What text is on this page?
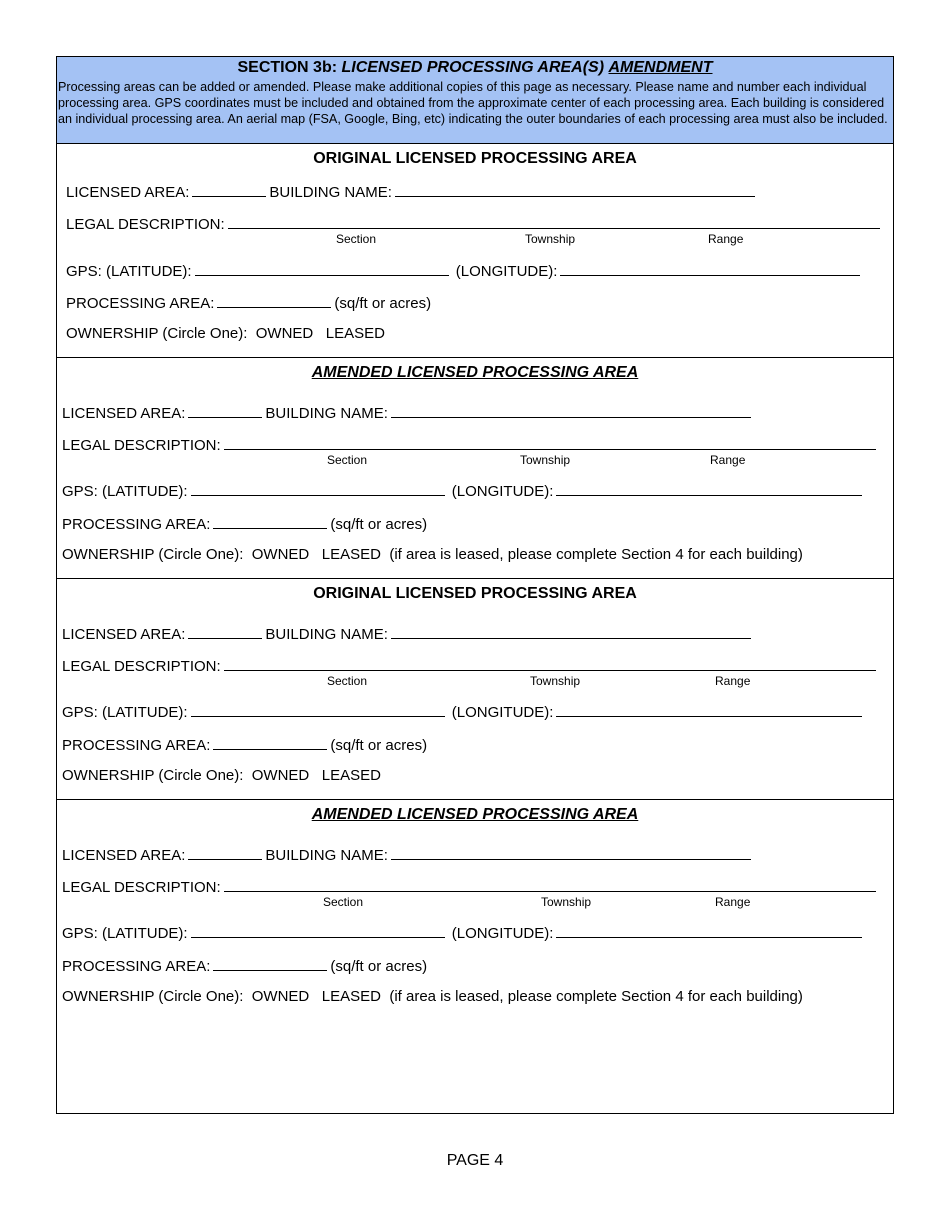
SECTION 3b: LICENSED PROCESSING AREA(S) AMENDMENT
Processing areas can be added or amended. Please make additional copies of this page as necessary. Please name and number each individual processing area. GPS coordinates must be included and obtained from the approximate center of each processing area. Each building is considered an individual processing area. An aerial map (FSA, Google, Bing, etc) indicating the outer boundaries of each processing area must also be included.
ORIGINAL LICENSED PROCESSING AREA
LICENSED AREA:	BUILDING NAME:
LEGAL DESCRIPTION:
Section	Township	Range
GPS: (LATITUDE):	(LONGITUDE):
PROCESSING AREA:	(sq/ft or acres)
OWNERSHIP (Circle One): OWNED LEASED
AMENDED LICENSED PROCESSING AREA
LICENSED AREA:	BUILDING NAME:
LEGAL DESCRIPTION:
Section	Township	Range
GPS: (LATITUDE):	(LONGITUDE):
PROCESSING AREA:	(sq/ft or acres)
OWNERSHIP (Circle One): OWNED LEASED (if area is leased, please complete Section 4 for each building)
ORIGINAL LICENSED PROCESSING AREA
LICENSED AREA:	BUILDING NAME:
LEGAL DESCRIPTION:
Section	Township	Range
GPS: (LATITUDE):	(LONGITUDE):
PROCESSING AREA:	(sq/ft or acres)
OWNERSHIP (Circle One): OWNED LEASED
AMENDED LICENSED PROCESSING AREA
LICENSED AREA:	BUILDING NAME:
LEGAL DESCRIPTION:
Section	Township	Range
GPS: (LATITUDE):	(LONGITUDE):
PROCESSING AREA:	(sq/ft or acres)
OWNERSHIP (Circle One): OWNED LEASED (if area is leased, please complete Section 4 for each building)
PAGE 4
